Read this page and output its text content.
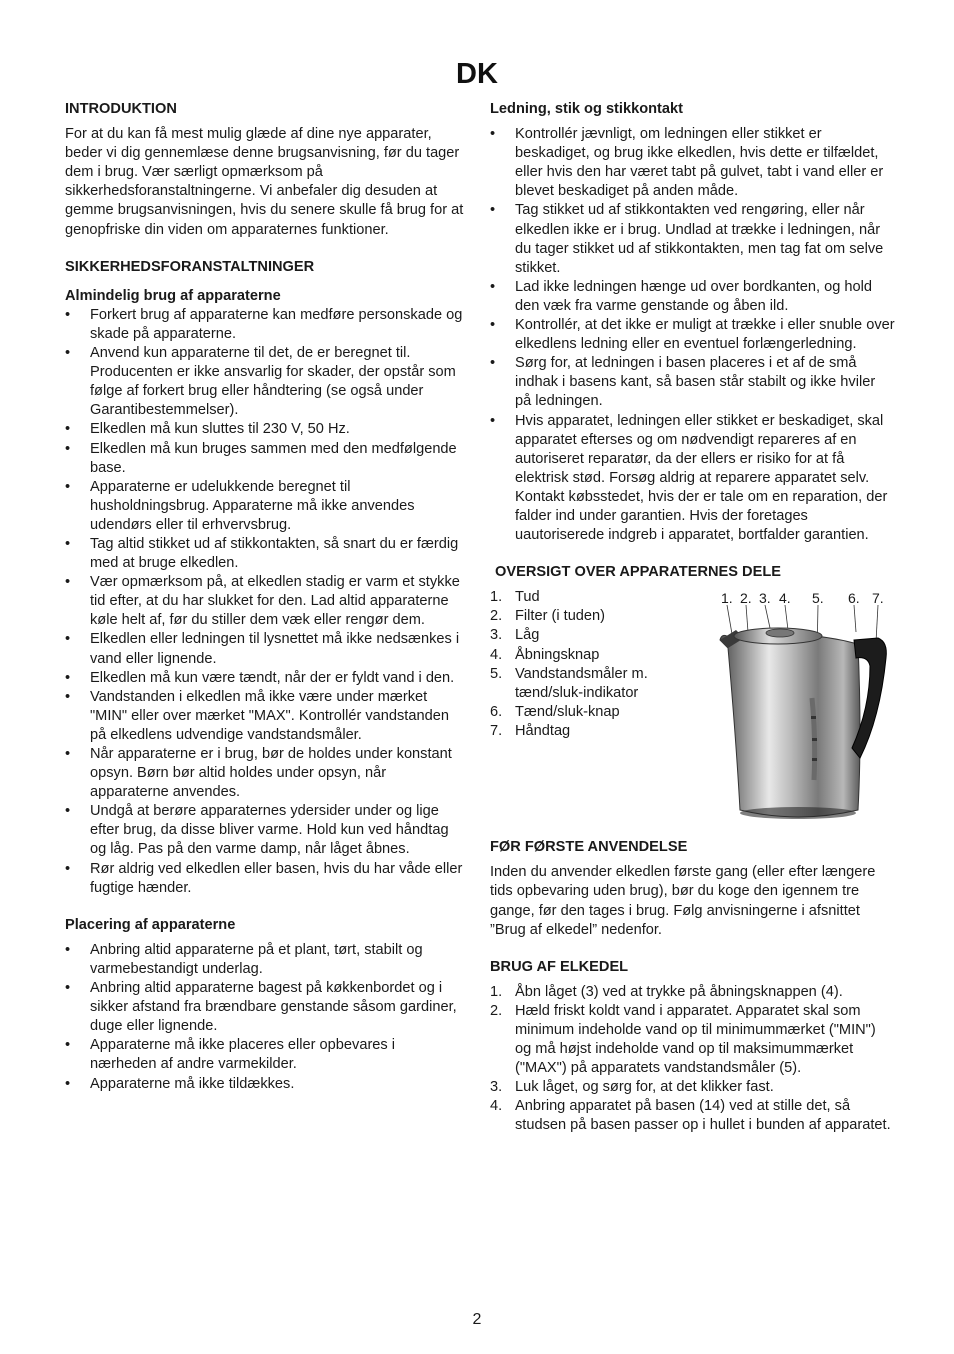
DK
INTRODUKTION

For at du kan få mest mulig glæde af dine nye apparater, beder vi dig gennemlæse denne brugsanvisning, før du tager dem i brug. Vær særligt opmærksom på sikkerhedsforanstaltningerne. Vi anbefaler dig desuden at gemme brugsanvisningen, hvis du senere skulle få brug for at genopfriske din viden om apparaternes funktioner.

SIKKERHEDSFORANSTALTNINGER
Almindelig brug af apparaterne
• Forkert brug af apparaterne kan medføre personskade og skade på apparaterne.
• Anvend kun apparaterne til det, de er beregnet til. Producenten er ikke ansvarlig for skader, der opstår som følge af forkert brug eller håndtering (se også under Garantibestemmelser).
• Elkedlen må kun sluttes til 230 V, 50 Hz.
• Elkedlen må kun bruges sammen med den medfølgende base.
• Apparaterne er udelukkende beregnet til husholdningsbrug. Apparaterne må ikke anvendes udendørs eller til erhvervsbrug.
• Tag altid stikket ud af stikkontakten, så snart du er færdig med at bruge elkedlen.
• Vær opmærksom på, at elkedlen stadig er varm et stykke tid efter, at du har slukket for den. Lad altid apparaterne køle helt af, før du stiller dem væk eller rengør dem.
• Elkedlen eller ledningen til lysnettet må ikke nedsænkes i vand eller lignende.
• Elkedlen må kun være tændt, når der er fyldt vand i den.
• Vandstanden i elkedlen må ikke være under mærket "MIN" eller over mærket "MAX". Kontrollér vandstanden på elkedlens udvendige vandstandsmåler.
• Når apparaterne er i brug, bør de holdes under konstant opsyn. Børn bør altid holdes under opsyn, når apparaterne anvendes.
• Undgå at berøre apparaternes ydersider under og lige efter brug, da disse bliver varme. Hold kun ved håndtag og låg. Pas på den varme damp, når låget åbnes.
• Rør aldrig ved elkedlen eller basen, hvis du har våde eller fugtige hænder.
Placering af apparaterne
• Anbring altid apparaterne på et plant, tørt, stabilt og varmebestandigt underlag.
• Anbring altid apparaterne bagest på køkkenbordet og i sikker afstand fra brændbare genstande såsom gardiner, duge eller lignende.
• Apparaterne må ikke placeres eller opbevares i nærheden af andre varmekilder.
• Apparaterne må ikke tildækkes.
Ledning, stik og stikkontakt
• Kontrollér jævnligt, om ledningen eller stikket er beskadiget, og brug ikke elkedlen, hvis dette er tilfældet, eller hvis den har været tabt på gulvet, tabt i vand eller er blevet beskadiget på anden måde.
• Tag stikket ud af stikkontakten ved rengøring, eller når elkedlen ikke er i brug. Undlad at trække i ledningen, når du tager stikket ud af stikkontakten, men tag fat om selve stikket.
• Lad ikke ledningen hænge ud over bordkanten, og hold den væk fra varme genstande og åben ild.
• Kontrollér, at det ikke er muligt at trække i eller snuble over elkedlens ledning eller en eventuel forlængerledning.
• Sørg for, at ledningen i basen placeres i et af de små indhak i basens kant, så basen står stabilt og ikke hviler på ledningen.
• Hvis apparatet, ledningen eller stikket er beskadiget, skal apparatet efterses og om nødvendigt repareres af en autoriseret reparatør, da der ellers er risiko for at få elektrisk stød. Forsøg aldrig at reparere apparatet selv. Kontakt købsstedet, hvis der er tale om en reparation, der falder ind under garantien. Hvis der foretages uautoriserede indgreb i apparatet, bortfalder garantien.
OVERSIGT OVER APPARATERNES DELE
1. Tud
2. Filter (i tuden)
3. Låg
4. Åbningsknap
5. Vandstandsmåler m. tænd/sluk-indikator
6. Tænd/sluk-knap
7. Håndtag
1. 2. 3. 4. 5. 6. 7.
FØR FØRSTE ANVENDELSE

Inden du anvender elkedlen første gang (eller efter længere tids opbevaring uden brug), bør du koge den igennem tre gange, før den tages i brug. Følg anvisningerne i afsnittet ”Brug af elkedel” nedenfor.

BRUG AF ELKEDEL
1. Åbn låget (3) ved at trykke på åbningsknappen (4).
2. Hæld friskt koldt vand i apparatet. Apparatet skal som minimum indeholde vand op til minimummærket ("MIN") og må højst indeholde vand op til maksimummærket ("MAX") på apparatets vandstandsmåler (5).
3. Luk låget, og sørg for, at det klikker fast.
4. Anbring apparatet på basen (14) ved at stille det, så studsen på basen passer op i hullet i bunden af apparatet.
2
